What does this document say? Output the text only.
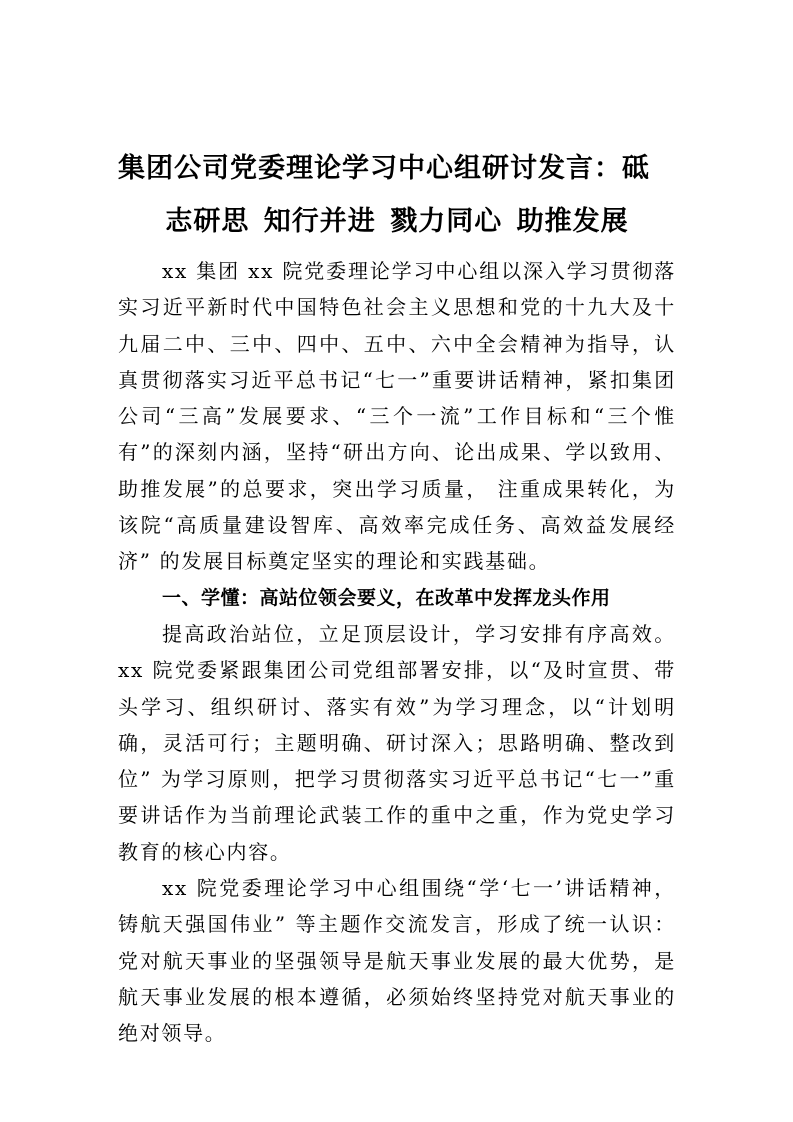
集团公司党委理论学习中心组研讨发言：砥
志研思 知行并进 戮力同心 助推发展

xx 集团 xx 院党委理论学习中心组以深入学习贯彻落实习近平新时代中国特色社会主义思想和党的十九大及十九届二中、三中、四中、五中、六中全会精神为指导，认真贯彻落实习近平总书记“七一”重要讲话精神，紧扣集团公司“三高”发展要求、“三个一流”工作目标和“三个惟有”的深刻内涵，坚持“研出方向、论出成果、学以致用、助推发展”的总要求，突出学习质量， 注重成果转化，为该院“高质量建设智库、高效率完成任务、高效益发展经济” 的发展目标奠定坚实的理论和实践基础。

一、学懂：高站位领会要义，在改革中发挥龙头作用

提高政治站位，立足顶层设计，学习安排有序高效。xx 院党委紧跟集团公司党组部署安排，以“及时宣贯、带头学习、组织研讨、落实有效”为学习理念，以“计划明确，灵活可行；主题明确、研讨深入；思路明确、整改到位” 为学习原则，把学习贯彻落实习近平总书记“七一”重要讲话作为当前理论武装工作的重中之重，作为党史学习教育的核心内容。

xx 院党委理论学习中心组围绕“学‘七一’讲话精神，铸航天强国伟业” 等主题作交流发言，形成了统一认识：党对航天事业的坚强领导是航天事业发展的最大优势，是航天事业发展的根本遵循，必须始终坚持党对航天事业的绝对领导。
